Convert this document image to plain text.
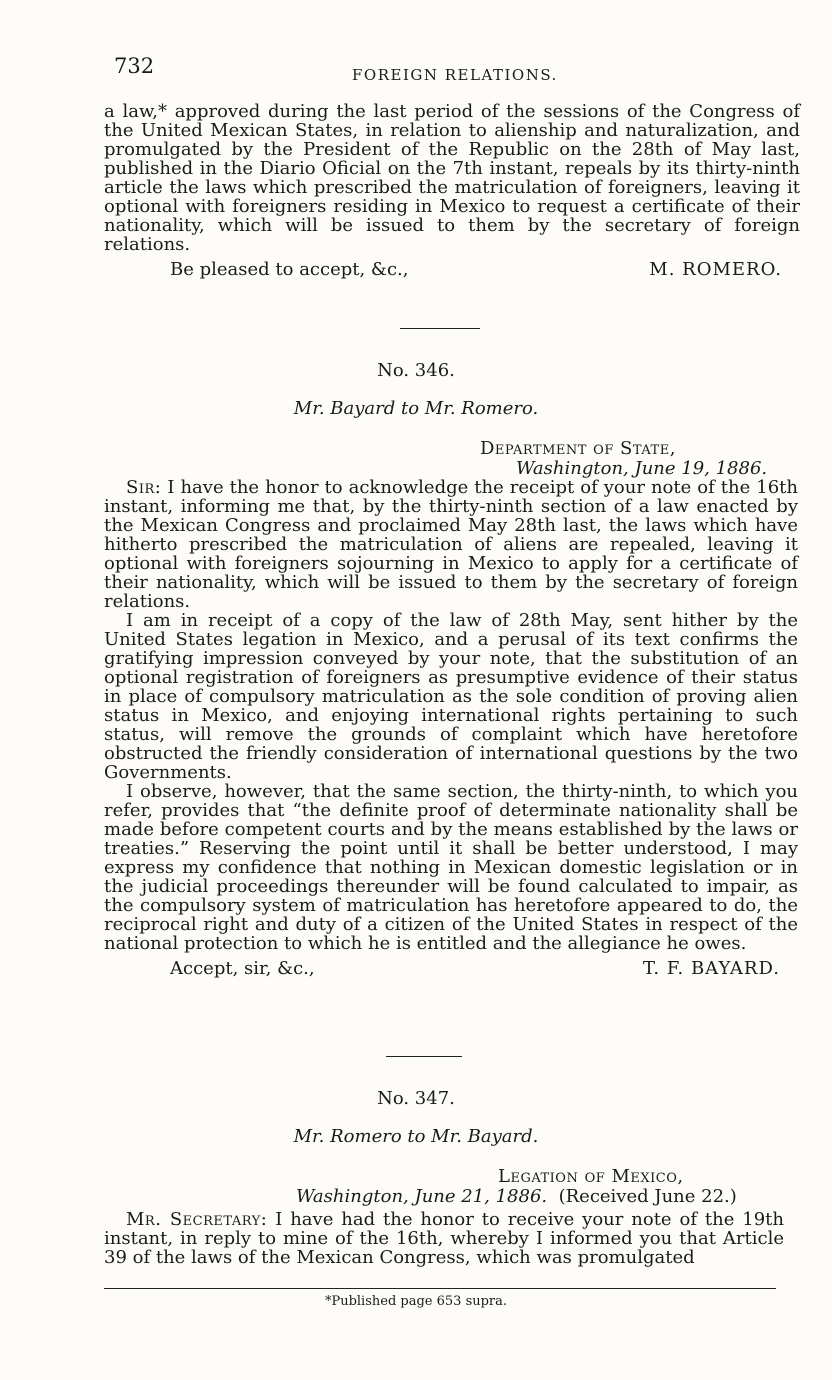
732	FOREIGN RELATIONS.

a law,* approved during the last period of the sessions of the Congress of the United Mexican States, in relation to alienship and naturalization, and promulgated by the President of the Republic on the 28th of May last, published in the Diario Oficial on the 7th instant, repeals by its thirty-ninth article the laws which prescribed the matriculation of foreigners, leaving it optional with foreigners residing in Mexico to request a certificate of their nationality, which will be issued to them by the secretary of foreign relations.

Be pleased to accept, &c.,	M. ROMERO.
No. 346.
Mr. Bayard to Mr. Romero.
Department of State,
Washington, June 19, 1886.

Sir: I have the honor to acknowledge the receipt of your note of the 16th instant, informing me that, by the thirty-ninth section of a law enacted by the Mexican Congress and proclaimed May 28th last, the laws which have hitherto prescribed the matriculation of aliens are repealed, leaving it optional with foreigners sojourning in Mexico to apply for a certificate of their nationality, which will be issued to them by the secretary of foreign relations.

I am in receipt of a copy of the law of 28th May, sent hither by the United States legation in Mexico, and a perusal of its text confirms the gratifying impression conveyed by your note, that the substitution of an optional registration of foreigners as presumptive evidence of their status in place of compulsory matriculation as the sole condition of proving alien status in Mexico, and enjoying international rights pertaining to such status, will remove the grounds of complaint which have heretofore obstructed the friendly consideration of international questions by the two Governments.

I observe, however, that the same section, the thirty-ninth, to which you refer, provides that “the definite proof of determinate nationality shall be made before competent courts and by the means established by the laws or treaties.” Reserving the point until it shall be better understood, I may express my confidence that nothing in Mexican domestic legislation or in the judicial proceedings thereunder will be found calculated to impair, as the compulsory system of matriculation has heretofore appeared to do, the reciprocal right and duty of a citizen of the United States in respect of the national protection to which he is entitled and the allegiance he owes.

Accept, sir, &c.,	T. F. BAYARD.
No. 347.
Mr. Romero to Mr. Bayard.
Legation of Mexico,
Washington, June 21, 1886. (Received June 22.)

Mr. Secretary: I have had the honor to receive your note of the 19th instant, in reply to mine of the 16th, whereby I informed you that Article 39 of the laws of the Mexican Congress, which was promulgated

*Published page 653 supra.
